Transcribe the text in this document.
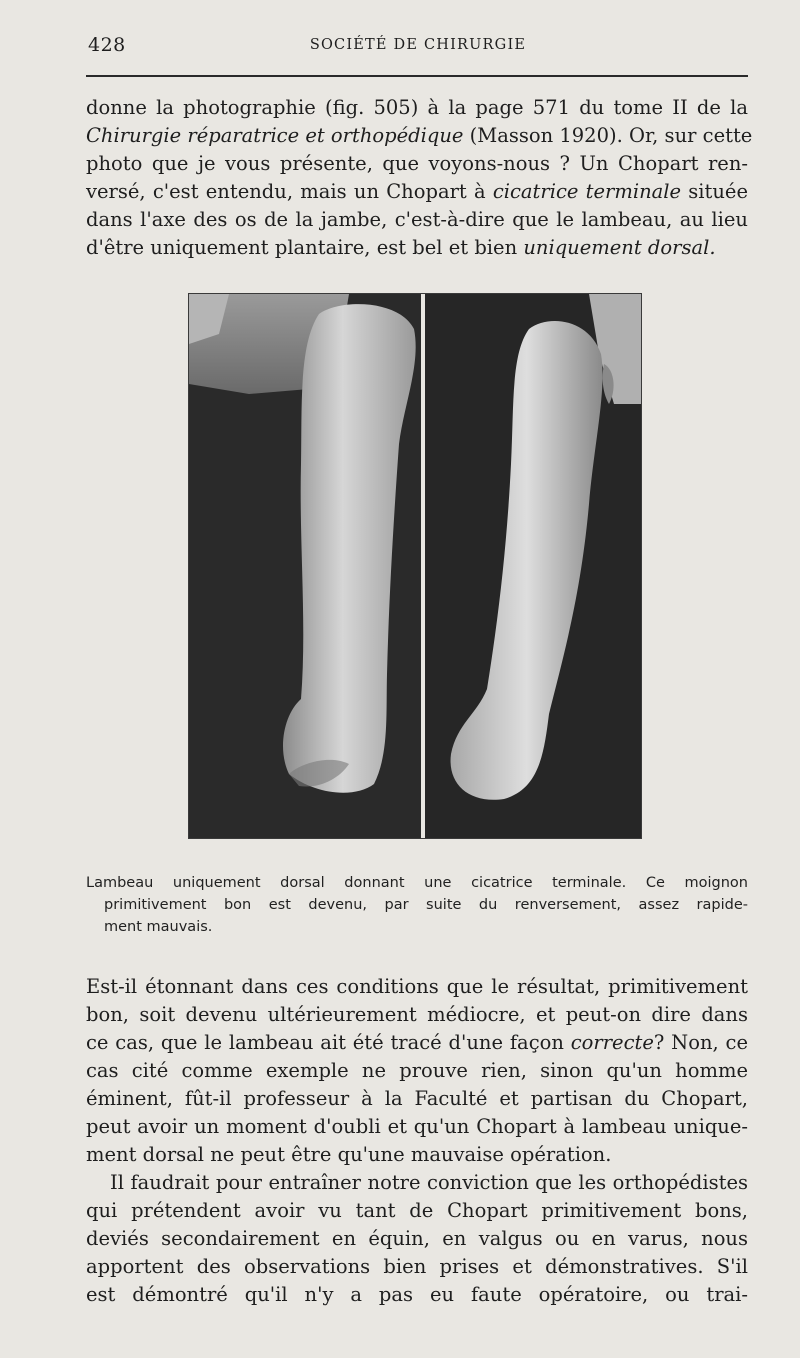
428	SOCIÉTÉ DE CHIRURGIE
donne la photographie (fig. 505) à la page 571 du tome II de la
Chirurgie réparatrice et orthopédique (Masson 1920). Or, sur cette
photo que je vous présente, que voyons-nous ? Un Chopart ren-
versé, c'est entendu, mais un Chopart à cicatrice terminale située
dans l'axe des os de la jambe, c'est-à-dire que le lambeau, au lieu
d'être uniquement plantaire, est bel et bien uniquement dorsal.
Lambeau uniquement dorsal donnant une cicatrice terminale. Ce moignon
primitivement bon est devenu, par suite du renversement, assez rapide-
ment mauvais.
Est-il étonnant dans ces conditions que le résultat, primitivement
bon, soit devenu ultérieurement médiocre, et peut-on dire dans
ce cas, que le lambeau ait été tracé d'une façon correcte? Non, ce
cas cité comme exemple ne prouve rien, sinon qu'un homme
éminent, fût-il professeur à la Faculté et partisan du Chopart,
peut avoir un moment d'oubli et qu'un Chopart à lambeau unique-
ment dorsal ne peut être qu'une mauvaise opération.
Il faudrait pour entraîner notre conviction que les orthopédistes
qui prétendent avoir vu tant de Chopart primitivement bons,
deviés secondairement en équin, en valgus ou en varus, nous
apportent des observations bien prises et démonstratives. S'il
est démontré qu'il n'y a pas eu faute opératoire, ou trai-
